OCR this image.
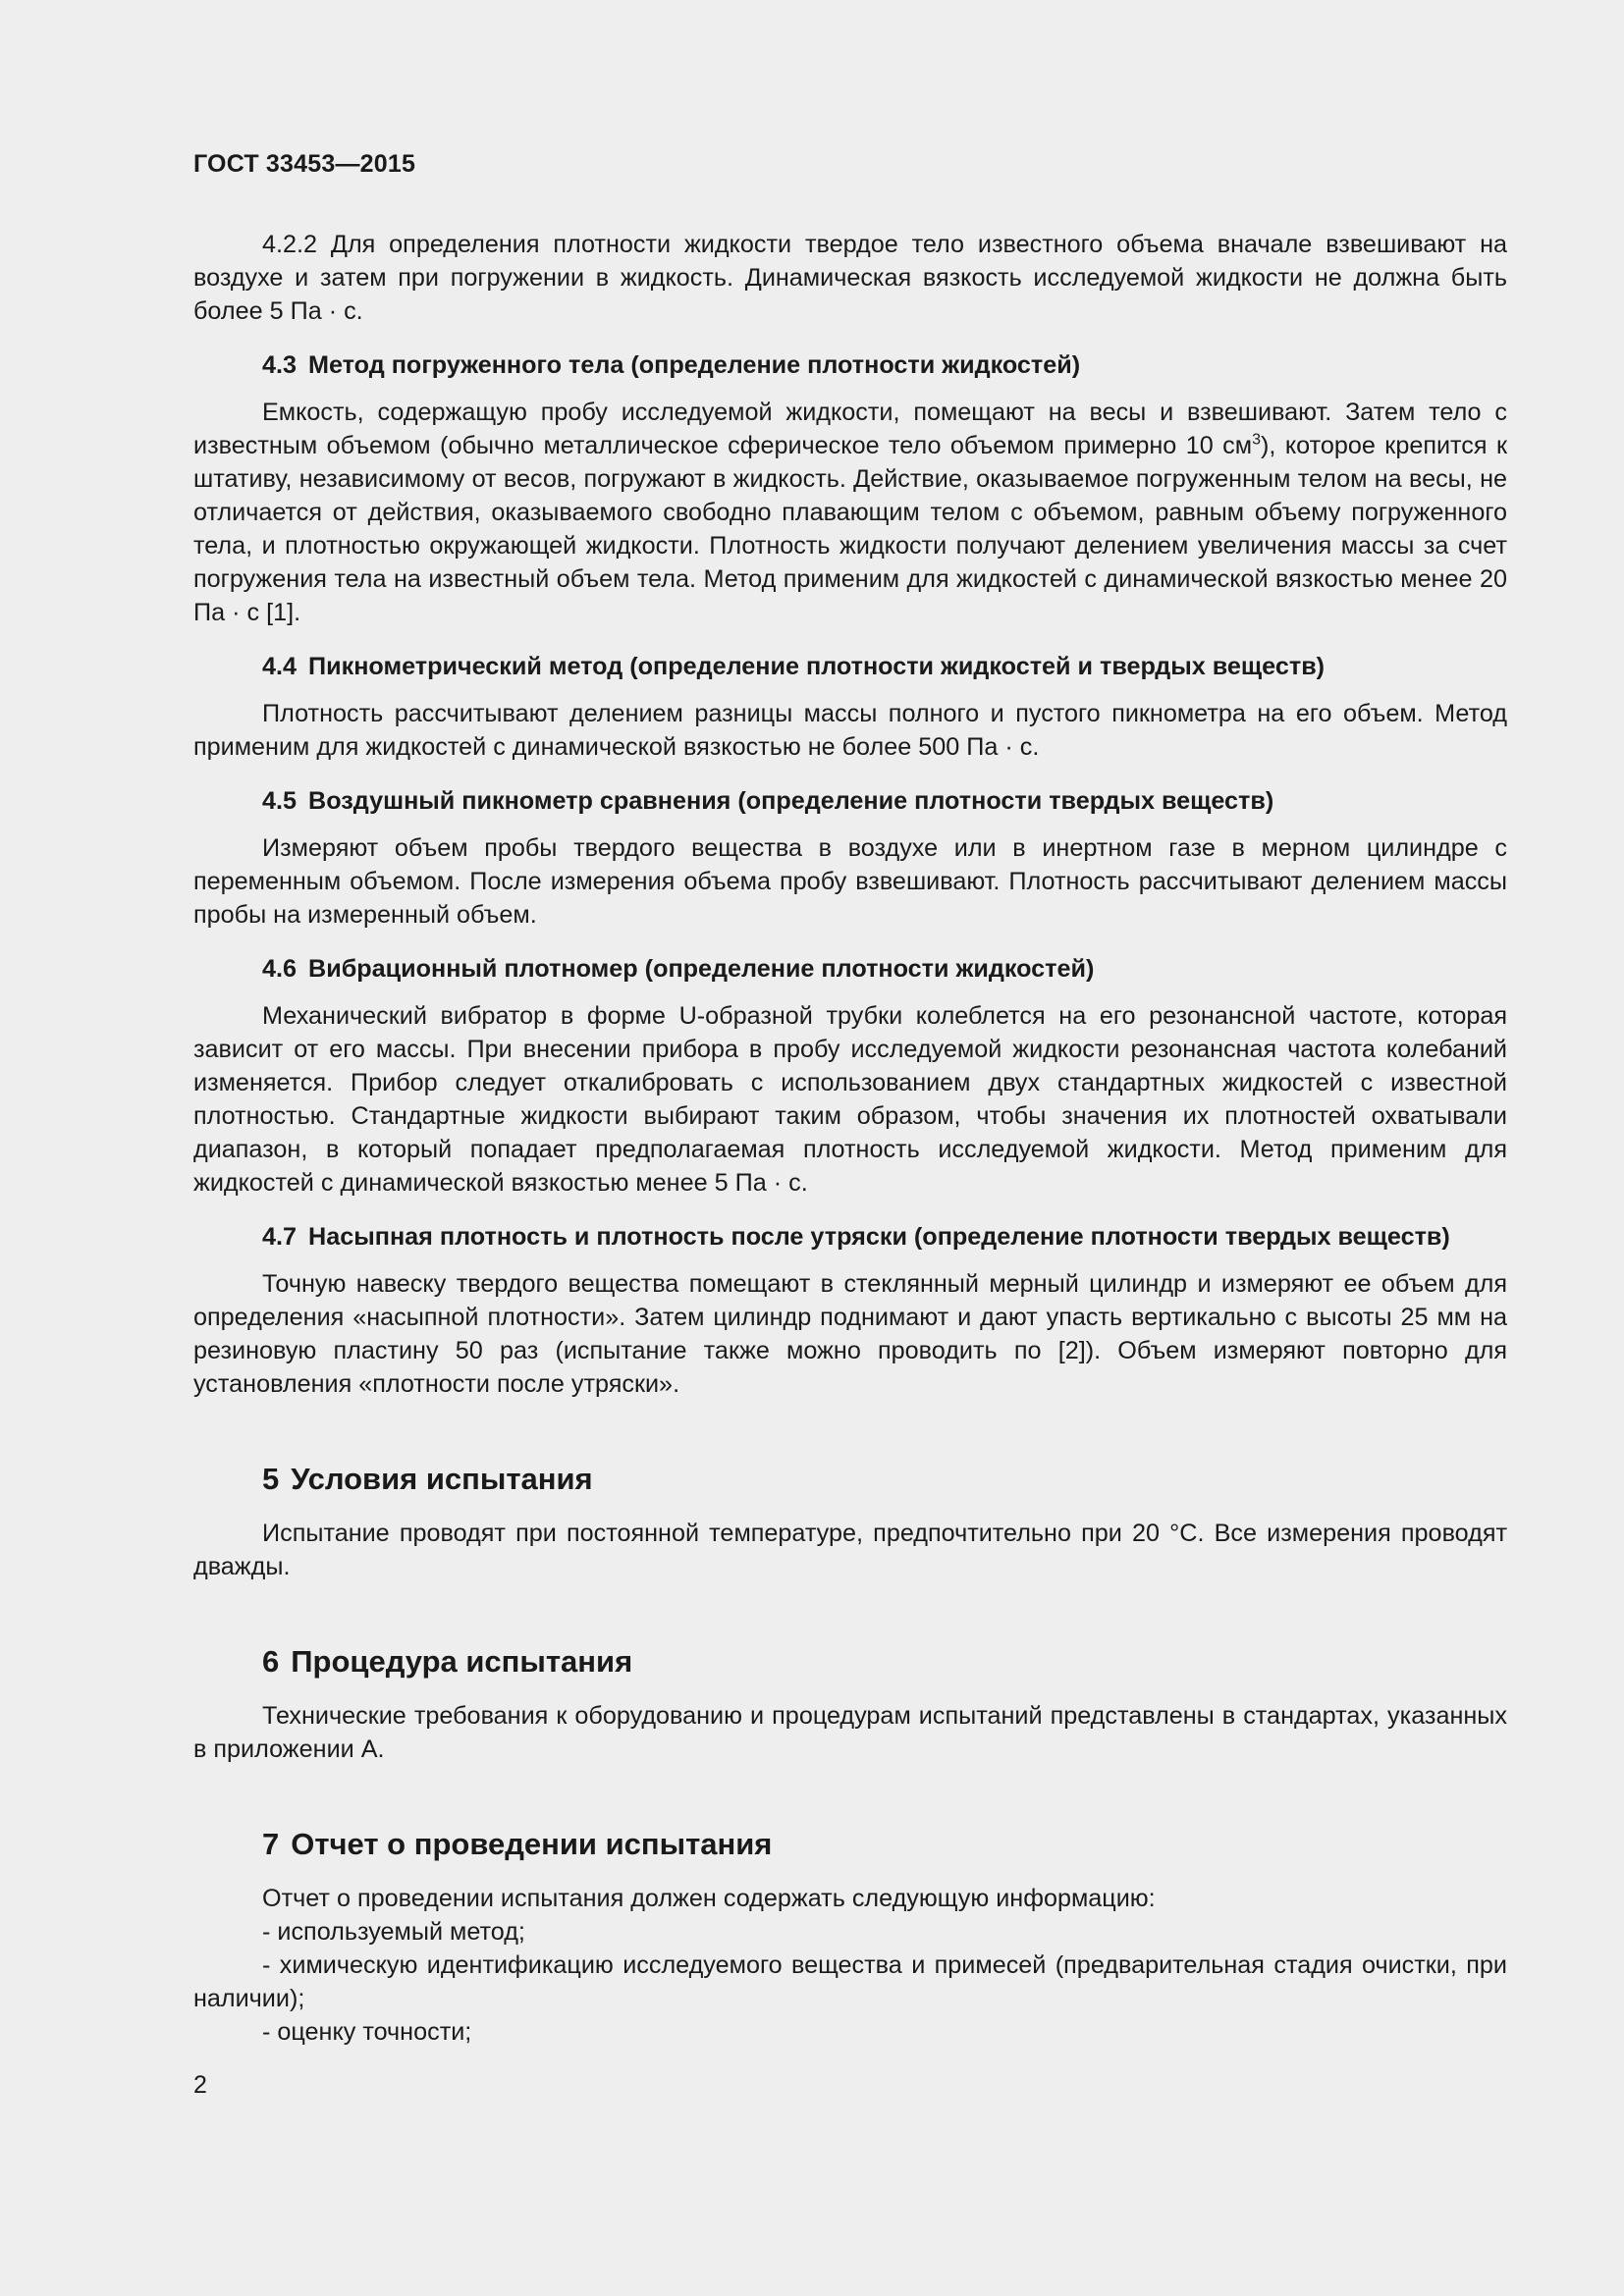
ГОСТ 33453—2015

4.2.2 Для определения плотности жидкости твердое тело известного объема вначале взвешивают на воздухе и затем при погружении в жидкость. Динамическая вязкость исследуемой жидкости не должна быть более 5 Па · с.

4.3 Метод погруженного тела (определение плотности жидкостей)

Емкость, содержащую пробу исследуемой жидкости, помещают на весы и взвешивают. Затем тело с известным объемом (обычно металлическое сферическое тело объемом примерно 10 $см^3$), которое крепится к штативу, независимому от весов, погружают в жидкость. Действие, оказываемое погруженным телом на весы, не отличается от действия, оказываемого свободно плавающим телом с объемом, равным объему погруженного тела, и плотностью окружающей жидкости. Плотность жидкости получают делением увеличения массы за счет погружения тела на известный объем тела. Метод применим для жидкостей с динамической вязкостью менее 20 Па · с [1].

4.4 Пикнометрический метод (определение плотности жидкостей и твердых веществ)

Плотность рассчитывают делением разницы массы полного и пустого пикнометра на его объем. Метод применим для жидкостей с динамической вязкостью не более 500 Па · с.

4.5 Воздушный пикнометр сравнения (определение плотности твердых веществ)

Измеряют объем пробы твердого вещества в воздухе или в инертном газе в мерном цилиндре с переменным объемом. После измерения объема пробу взвешивают. Плотность рассчитывают делением массы пробы на измеренный объем.

4.6 Вибрационный плотномер (определение плотности жидкостей)

Механический вибратор в форме U-образной трубки колеблется на его резонансной частоте, которая зависит от его массы. При внесении прибора в пробу исследуемой жидкости резонансная частота колебаний изменяется. Прибор следует откалибровать с использованием двух стандартных жидкостей с известной плотностью. Стандартные жидкости выбирают таким образом, чтобы значения их плотностей охватывали диапазон, в который попадает предполагаемая плотность исследуемой жидкости. Метод применим для жидкостей с динамической вязкостью менее 5 Па · с.

4.7 Насыпная плотность и плотность после утряски (определение плотности твердых веществ)

Точную навеску твердого вещества помещают в стеклянный мерный цилиндр и измеряют ее объем для определения «насыпной плотности». Затем цилиндр поднимают и дают упасть вертикально с высоты 25 мм на резиновую пластину 50 раз (испытание также можно проводить по [2]). Объем измеряют повторно для установления «плотности после утряски».

5 Условия испытания

Испытание проводят при постоянной температуре, предпочтительно при 20 °С. Все измерения проводят дважды.

6 Процедура испытания

Технические требования к оборудованию и процедурам испытаний представлены в стандартах, указанных в приложении А.

7 Отчет о проведении испытания

Отчет о проведении испытания должен содержать следующую информацию:

- используемый метод;

- химическую идентификацию исследуемого вещества и примесей (предварительная стадия очистки, при наличии);

- оценку точности;

2
